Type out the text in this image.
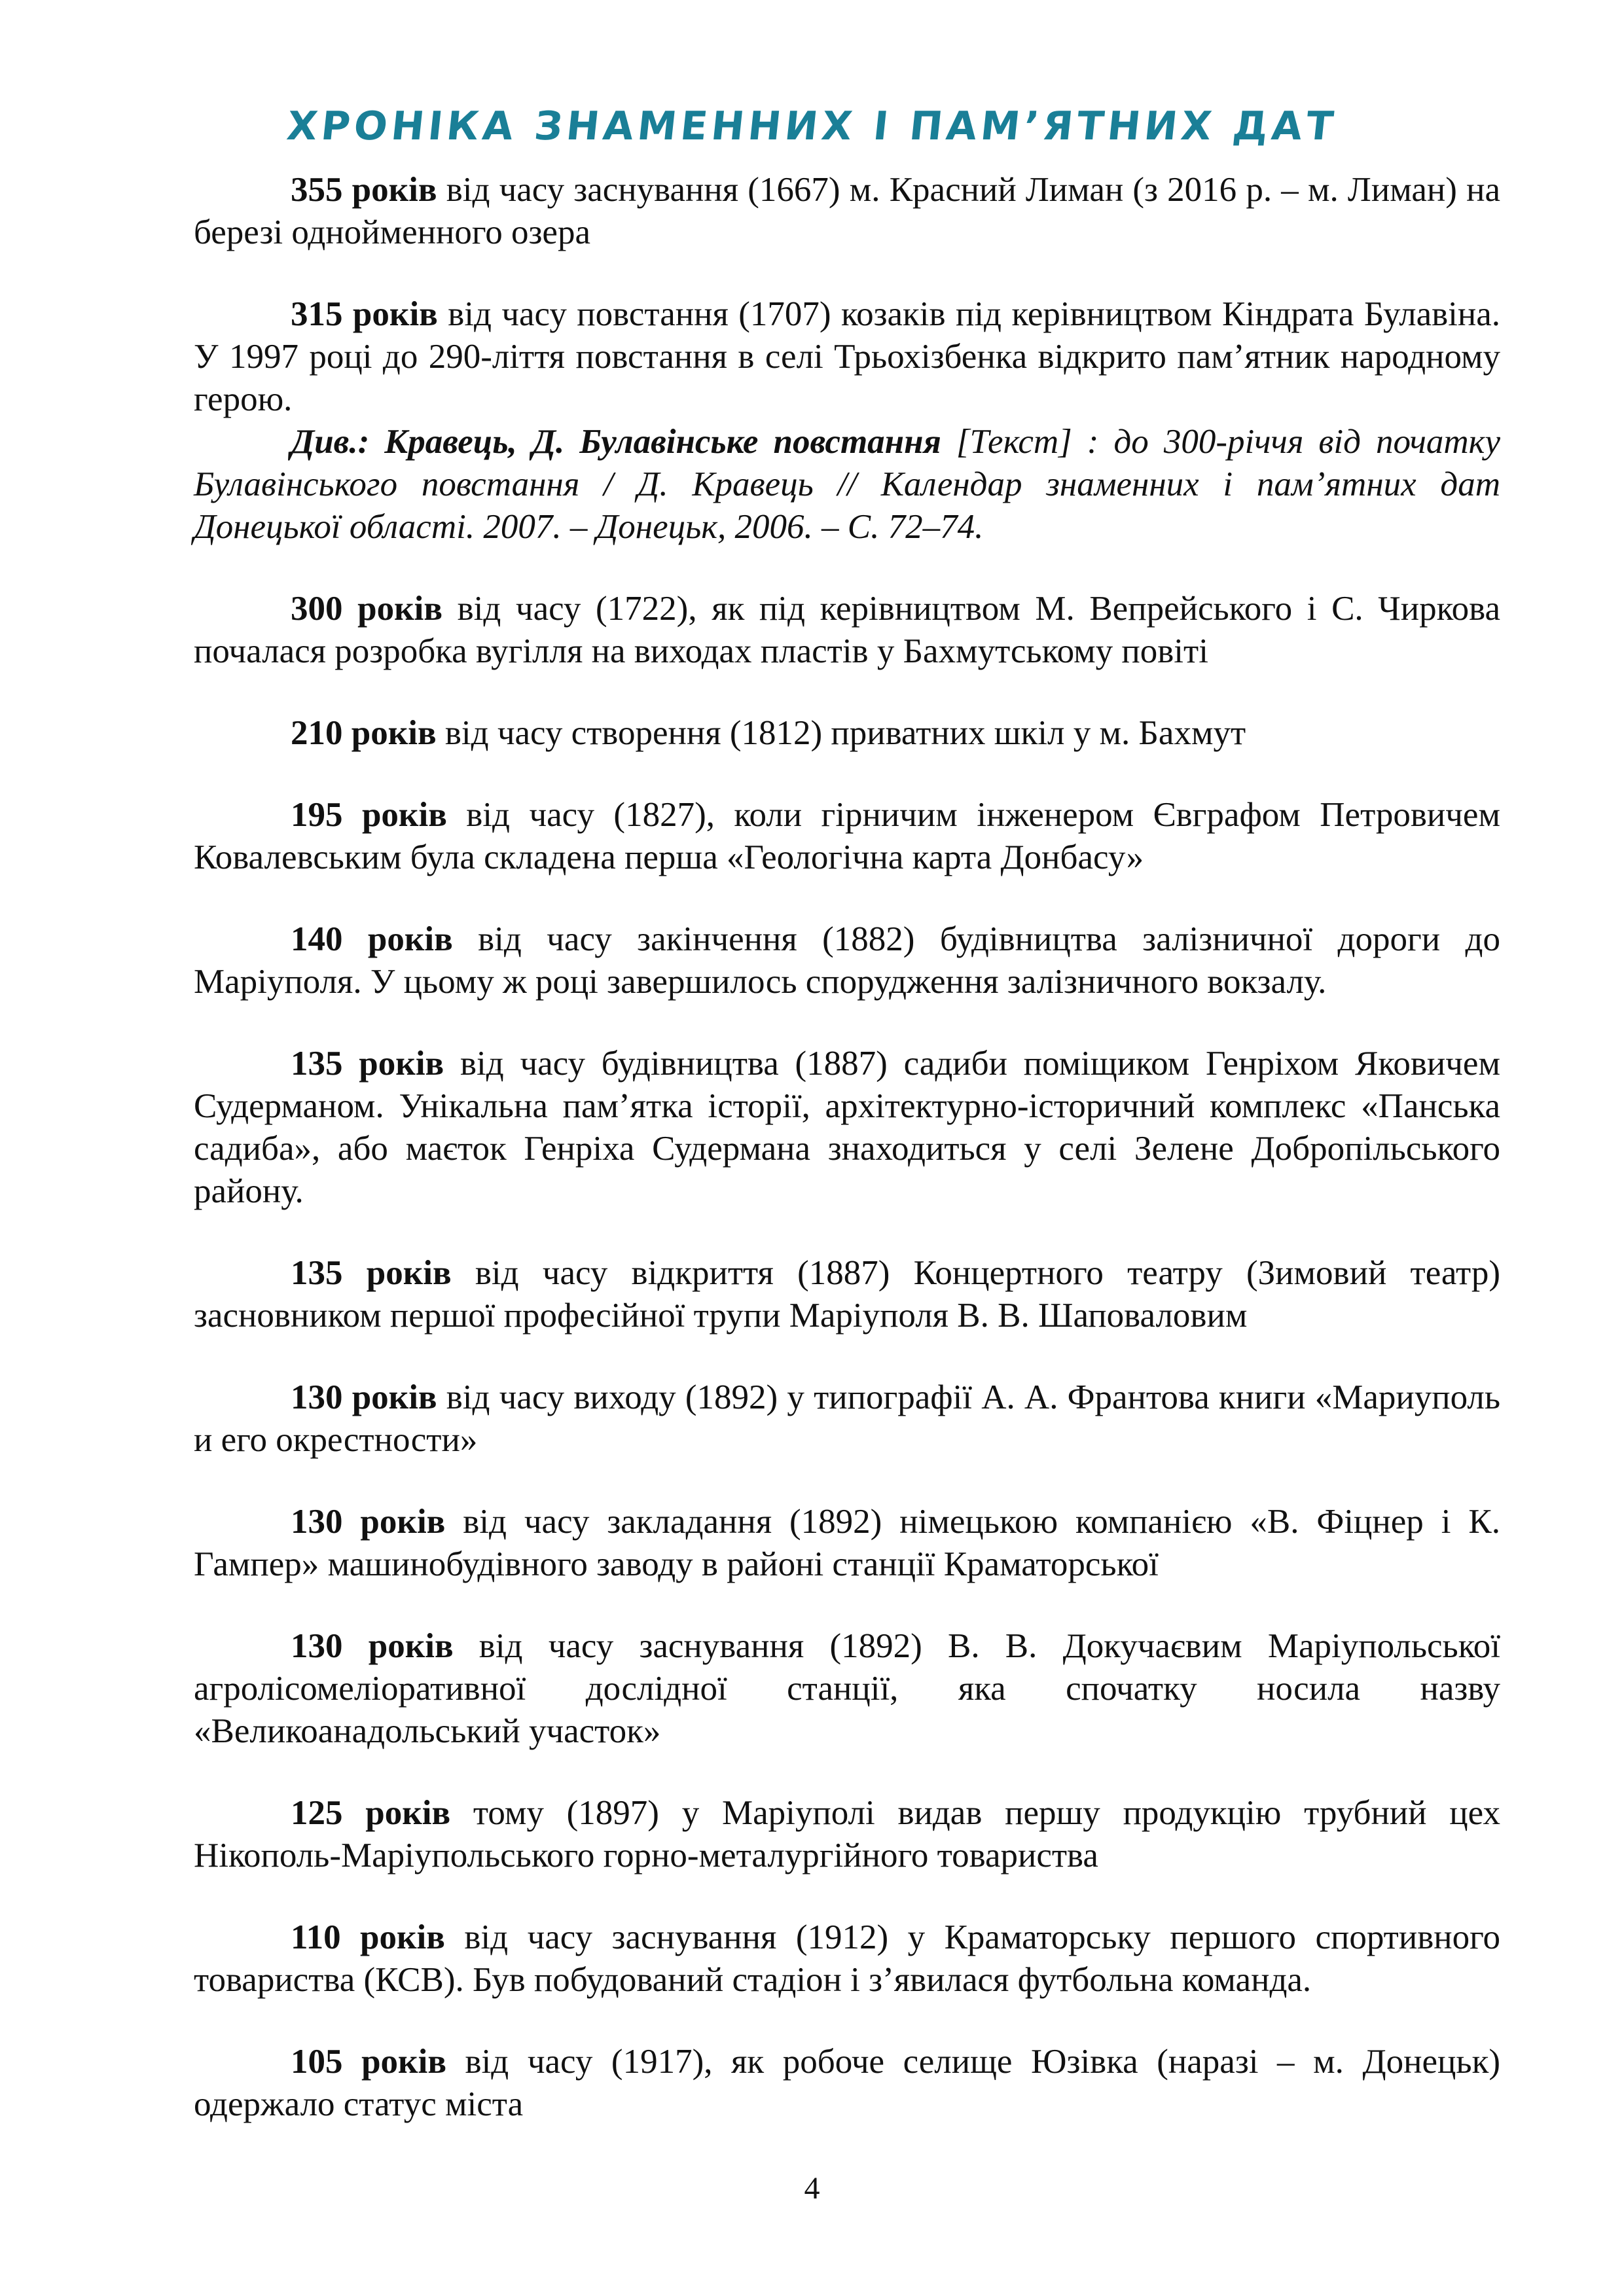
ХРОНІКА ЗНАМЕННИХ І ПАМ’ЯТНИХ ДАТ

355 років від часу заснування (1667) м. Красний Лиман (з 2016 р. – м. Лиман) на березі однойменного озера

315 років від часу повстання (1707) козаків під керівництвом Кіндрата Булавіна. У 1997 році до 290-ліття повстання в селі Трьохізбенка відкрито пам’ятник народному герою.

Див.: Кравець, Д. Булавінське повстання [Текст] : до 300-річчя від початку Булавінського повстання / Д. Кравець // Календар знаменних і пам’ятних дат Донецької області. 2007. – Донецьк, 2006. – С. 72–74.

300 років від часу (1722), як під керівництвом М. Вепрейського і С. Чиркова почалася розробка вугілля на виходах пластів у Бахмутському повіті

210 років від часу створення (1812) приватних шкіл у м. Бахмут

195 років від часу (1827), коли гірничим інженером Євграфом Петровичем Ковалевським була складена перша «Геологічна карта Донбасу»

140 років від часу закінчення (1882) будівництва залізничної дороги до Маріуполя. У цьому ж році завершилось спорудження залізничного вокзалу.

135 років від часу будівництва (1887) садиби поміщиком Генріхом Яковичем Судерманом. Унікальна пам’ятка історії, архітектурно-історичний комплекс «Панська садиба», або маєток Генріха Судермана знаходиться у селі Зелене Добропільського району.

135 років від часу відкриття (1887) Концертного театру (Зимовий театр) засновником першої професійної трупи Маріуполя В. В. Шаповаловим

130 років від часу виходу (1892) у типографії А. А. Франтова книги «Мариуполь и его окрестности»

130 років від часу закладання (1892) німецькою компанією «В. Фіцнер і К. Гампер» машинобудівного заводу в районі станції Краматорської

130 років від часу заснування (1892) В. В. Докучаєвим Маріупольської агролісомеліоративної дослідної станції, яка спочатку носила назву «Великоанадольський участок»

125 років тому (1897) у Маріуполі видав першу продукцію трубний цех Нікополь-Маріупольського горно-металургійного товариства

110 років від часу заснування (1912) у Краматорську першого спортивного товариства (КСВ). Був побудований стадіон і з’явилася футбольна команда.

105 років від часу (1917), як робоче селище Юзівка (наразі – м. Донецьк) одержало статус міста

4
